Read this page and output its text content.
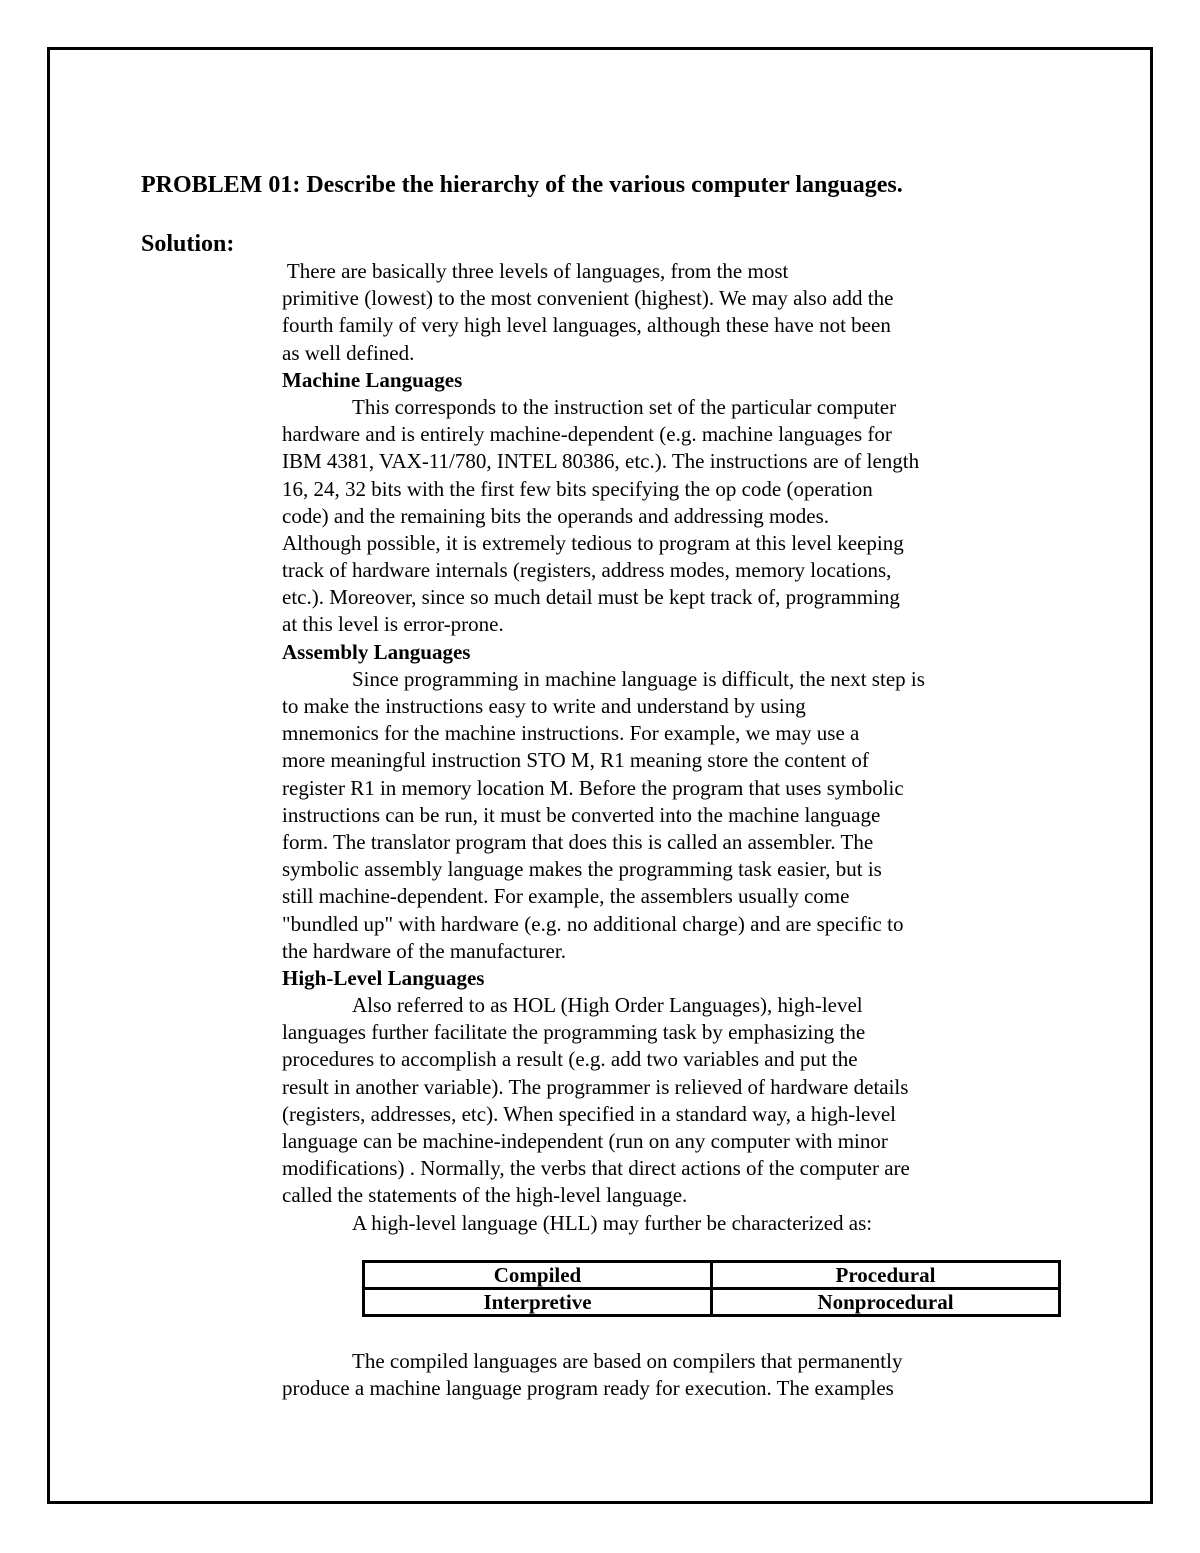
PROBLEM 01: Describe the hierarchy of the various computer languages.
Solution:
There are basically three levels of languages, from the most
primitive (lowest) to the most convenient (highest). We may also add the
fourth family of very high level languages, although these have not been
as well defined.
Machine Languages
This corresponds to the instruction set of the particular computer
hardware and is entirely machine-dependent (e.g. machine languages for
IBM 4381, VAX-11/780, INTEL 80386, etc.). The instructions are of length
16, 24, 32 bits with the first few bits specifying the op code (operation
code) and the remaining bits the operands and addressing modes.
Although possible, it is extremely tedious to program at this level keeping
track of hardware internals (registers, address modes, memory locations,
etc.). Moreover, since so much detail must be kept track of, programming
at this level is error-prone.
Assembly Languages
Since programming in machine language is difficult, the next step is
to make the instructions easy to write and understand by using
mnemonics for the machine instructions. For example, we may use a
more meaningful instruction STO M, R1 meaning store the content of
register R1 in memory location M. Before the program that uses symbolic
instructions can be run, it must be converted into the machine language
form. The translator program that does this is called an assembler. The
symbolic assembly language makes the programming task easier, but is
still machine-dependent. For example, the assemblers usually come
"bundled up" with hardware (e.g. no additional charge) and are specific to
the hardware of the manufacturer.
High-Level Languages
Also referred to as HOL (High Order Languages), high-level
languages further facilitate the programming task by emphasizing the
procedures to accomplish a result (e.g. add two variables and put the
result in another variable). The programmer is relieved of hardware details
(registers, addresses, etc). When specified in a standard way, a high-level
language can be machine-independent (run on any computer with minor
modifications) . Normally, the verbs that direct actions of the computer are
called the statements of the high-level language.
A high-level language (HLL) may further be characterized as:
Compiled	Procedural
Interpretive	Nonprocedural
The compiled languages are based on compilers that permanently
produce a machine language program ready for execution. The examples
